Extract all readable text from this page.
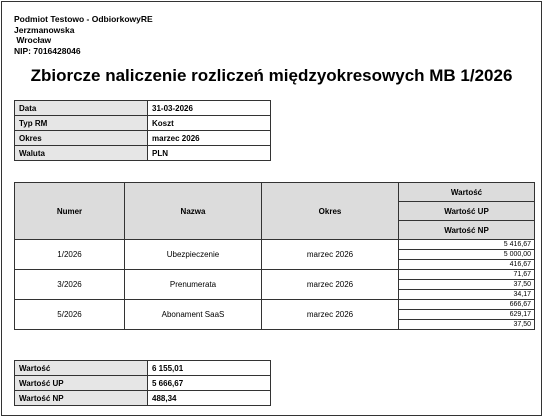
Podmiot Testowo - OdbiorkowyRE
Jerzmanowska
Wrocław
NIP: 7016428046
Zbiorcze naliczenie rozliczeń międzyokresowych MB 1/2026
Data	31-03-2026
Typ RM	Koszt
Okres	marzec 2026
Waluta	PLN
Numer	Nazwa	Okres	Wartość
			Wartość UP
			Wartość NP
1/2026	Ubezpieczenie	marzec 2026	5 416,67
			5 000,00
			416,67
3/2026	Prenumerata	marzec 2026	71,67
			37,50
			34,17
5/2026	Abonament SaaS	marzec 2026	666,67
			629,17
			37,50
Wartość	6 155,01
Wartość UP	5 666,67
Wartość NP	488,34
